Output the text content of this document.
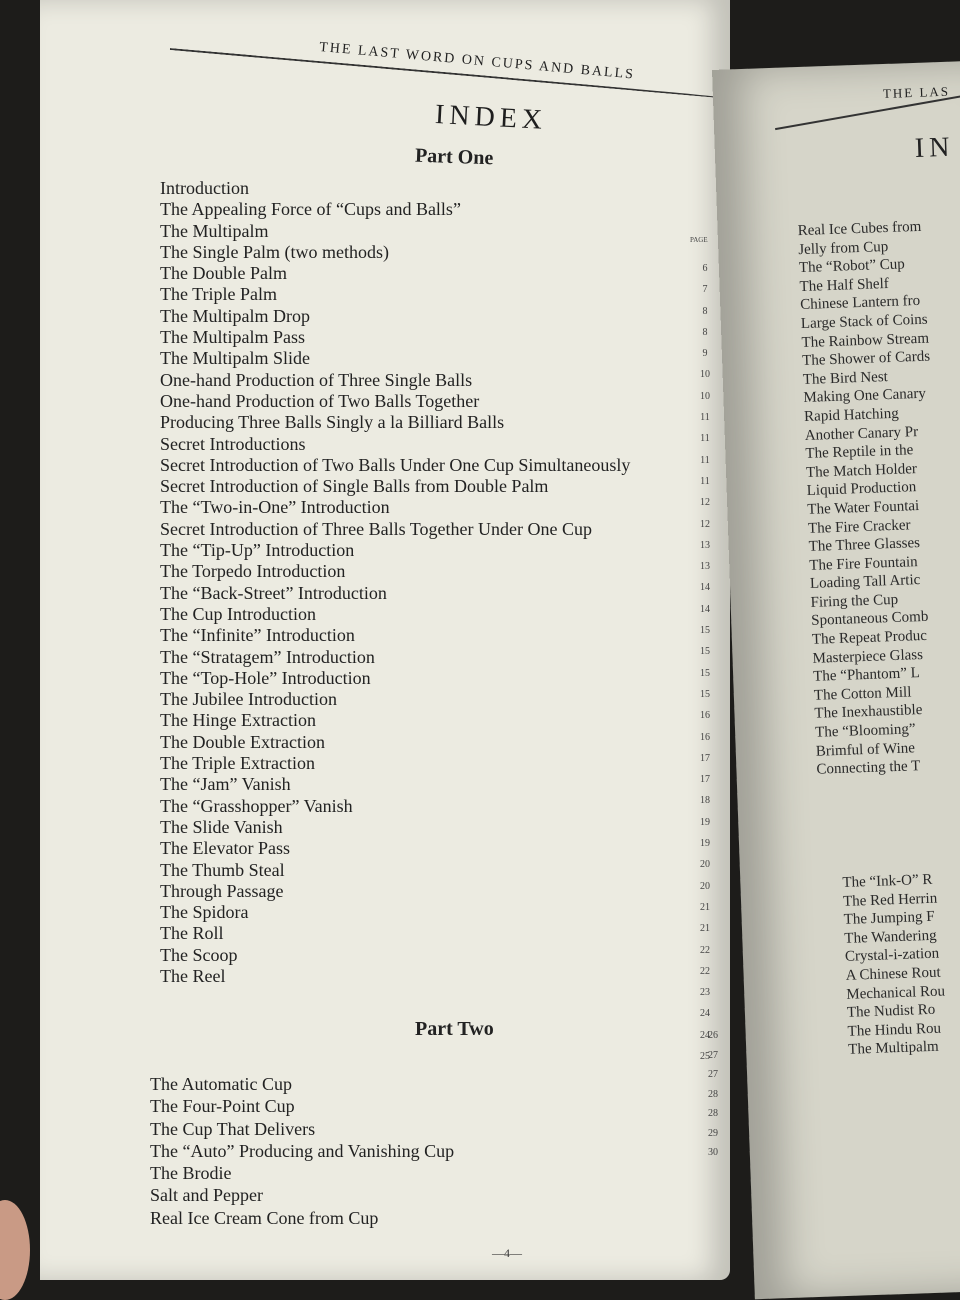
THE LAST WORD ON CUPS AND BALLS
INDEX
Part One
Introduction
The Appealing Force of “Cups and Balls”
The Multipalm
The Single Palm (two methods)
The Double Palm
The Triple Palm
The Multipalm Drop
The Multipalm Pass
The Multipalm Slide
One-hand Production of Three Single Balls
One-hand Production of Two Balls Together
Producing Three Balls Singly a la Billiard Balls
Secret Introductions
Secret Introduction of Two Balls Under One Cup Simultaneously
Secret Introduction of Single Balls from Double Palm
The “Two-in-One” Introduction
Secret Introduction of Three Balls Together Under One Cup
The “Tip-Up” Introduction
The Torpedo Introduction
The “Back-Street” Introduction
The Cup Introduction
The “Infinite” Introduction
The “Stratagem” Introduction
The “Top-Hole” Introduction
The Jubilee Introduction
The Hinge Extraction
The Double Extraction
The Triple Extraction
The “Jam” Vanish
The “Grasshopper” Vanish
The Slide Vanish
The Elevator Pass
The Thumb Steal
Through Passage
The Spidora
The Roll
The Scoop
The Reel
PAGE
6
7
8
8
9
10
10
11
11
11
11
12
12
13
13
14
14
15
15
15
15
16
16
17
17
18
19
19
20
20
21
21
22
22
23
24
24
25
Part Two	26
27
27
28
28
29
30
The Automatic Cup
The Four-Point Cup
The Cup That Delivers
The “Auto” Producing and Vanishing Cup
The Brodie
Salt and Pepper
Real Ice Cream Cone from Cup
—4—
THE LAS
IN
Real Ice Cubes from
Jelly from Cup
The “Robot” Cup
The Half Shelf
Chinese Lantern fro
Large Stack of Coins
The Rainbow Stream
The Shower of Cards
The Bird Nest
Making One Canary
Rapid Hatching
Another Canary Pr
The Reptile in the
The Match Holder
Liquid Production
The Water Fountai
The Fire Cracker
The Three Glasses
The Fire Fountain
Loading Tall Artic
Firing the Cup
Spontaneous Comb
The Repeat Produc
Masterpiece Glass
The “Phantom” L
The Cotton Mill
The Inexhaustible
The “Blooming”
Brimful of Wine
Connecting the T
The “Ink-O” R
The Red Herrin
The Jumping F
The Wandering
Crystal-i-zation
A Chinese Rout
Mechanical Rou
The Nudist Ro
The Hindu Rou
The Multipalm
